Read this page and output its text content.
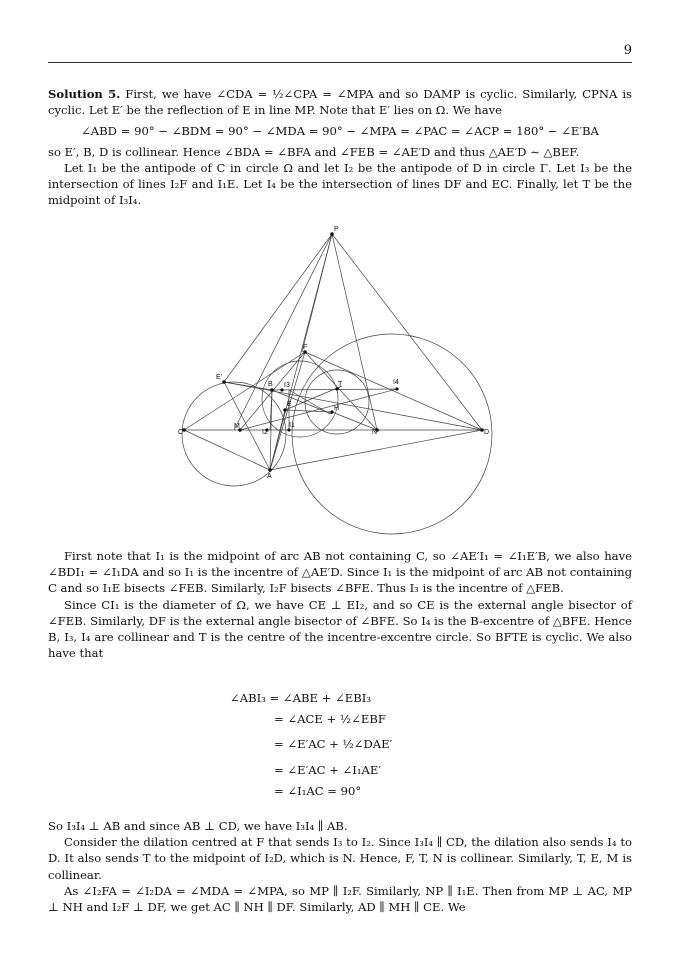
9

Solution 5. First, we have ∠CDA = ½∠CPA = ∠MPA and so DAMP is cyclic. Similarly, CPNA is cyclic. Let E′ be the reflection of E in line MP. Note that E′ lies on Ω. We have

∠ABD = 90° − ∠BDM = 90° − ∠MDA = 90° − ∠MPA = ∠PAC = ∠ACP = 180° − ∠E′BA

so E′, B, D is collinear. Hence ∠BDA = ∠BFA and ∠FEB = ∠AE′D and thus △AE′D ∼ △BEF.

Let I₁ be the antipode of C in circle Ω and let I₂ be the antipode of D in circle Γ. Let I₃ be the intersection of lines I₂F and I₁E. Let I₄ be the intersection of lines DF and EC. Finally, let T be the midpoint of I₃I₄.

P
E'
B I3	T	I4
F
E
H
C
M
I2
I1
N	D
A

First note that I₁ is the midpoint of arc AB not containing C, so ∠AE′I₁ = ∠I₁E′B, we also have ∠BDI₁ = ∠I₁DA and so I₁ is the incentre of △AE′D. Since I₁ is the midpoint of arc AB not containing C and so I₁E bisects ∠FEB. Similarly, I₂F bisects ∠BFE. Thus I₃ is the incentre of △FEB.

Since CI₁ is the diameter of Ω, we have CE ⊥ EI₂, and so CE is the external angle bisector of ∠FEB. Similarly, DF is the external angle bisector of ∠BFE. So I₄ is the B-excentre of △BFE. Hence B, I₃, I₄ are collinear and T is the centre of the incentre-excentre circle. So BFTE is cyclic. We also have that

∠ABI₃ = ∠ABE + ∠EBI₃
= ∠ACE + ½∠EBF
= ∠E′AC + ½∠DAE′
= ∠E′AC + ∠I₁AE′
= ∠I₁AC = 90°

So I₃I₄ ⊥ AB and since AB ⊥ CD, we have I₃I₄ ∥ AB.

Consider the dilation centred at F that sends I₃ to I₂. Since I₃I₄ ∥ CD, the dilation also sends I₄ to D. It also sends T to the midpoint of I₂D, which is N. Hence, F, T, N is collinear. Similarly, T, E, M is collinear.

As ∠I₂FA = ∠I₂DA = ∠MDA = ∠MPA, so MP ∥ I₂F. Similarly, NP ∥ I₁E. Then from MP ⊥ AC, MP ⊥ NH and I₂F ⊥ DF, we get AC ∥ NH ∥ DF. Similarly, AD ∥ MH ∥ CE. We
